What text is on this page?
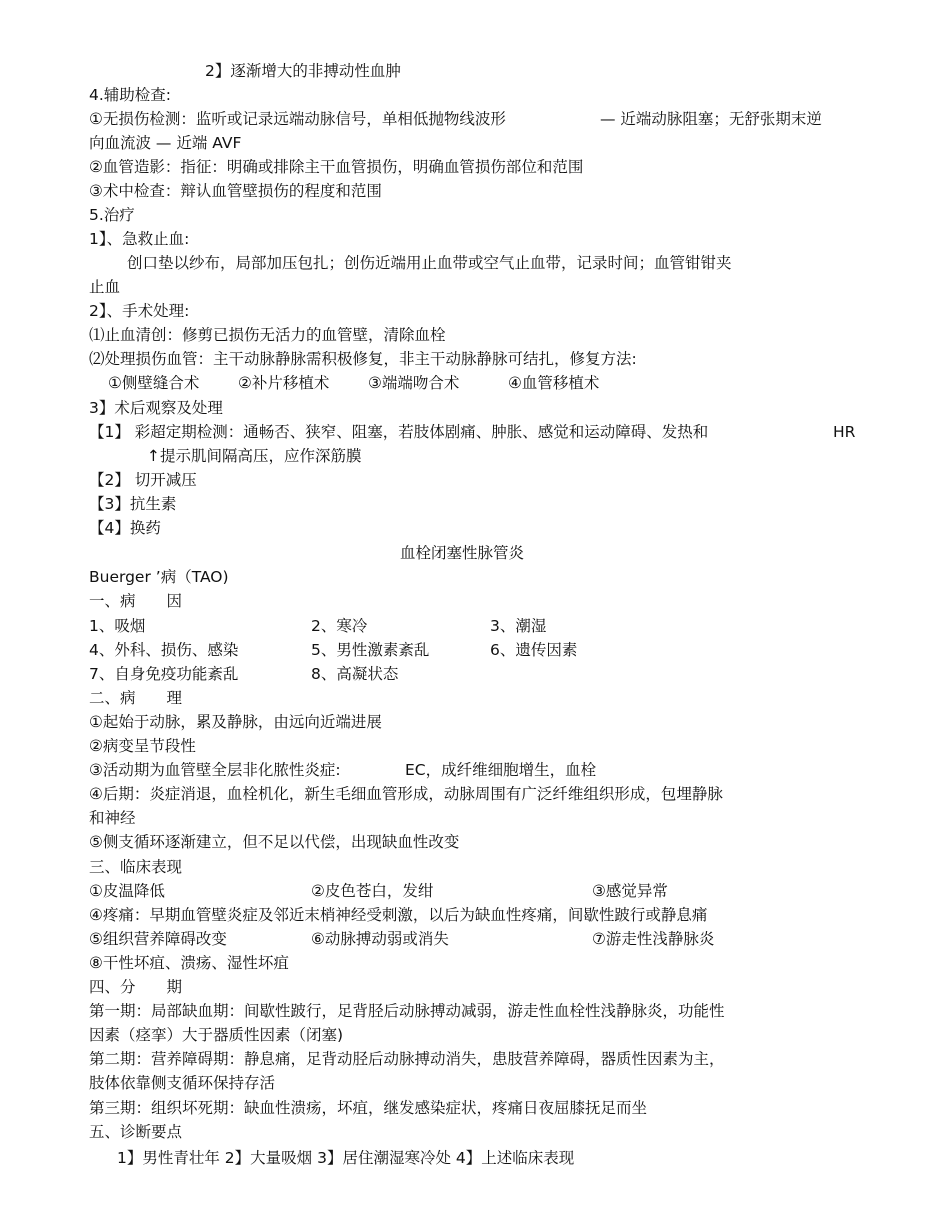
2】逐渐增大的非搏动性血肿
4.辅助检查:
①无损伤检测：监听或记录远端动脉信号，单相低抛物线波形	— 近端动脉阻塞；无舒张期末逆
向血流波 — 近端 AVF
②血管造影：指征：明确或排除主干血管损伤，明确血管损伤部位和范围
③术中检查：辩认血管壁损伤的程度和范围
5.治疗
1】、急救止血:
创口垫以纱布，局部加压包扎；创伤近端用止血带或空气止血带，记录时间；血管钳钳夹
止血
2】、手术处理:
⑴止血清创：修剪已损伤无活力的血管壁，清除血栓
⑵处理损伤血管：主干动脉静脉需积极修复，非主干动脉静脉可结扎，修复方法:
①侧壁缝合术 ②补片移植术 ③端端吻合术	④血管移植术
3】术后观察及处理
【1】 彩超定期检测：通畅否、狭窄、阻塞，若肢体剧痛、肿胀、感觉和运动障碍、发热和	HR
↑提示肌间隔高压，应作深筋膜
【2】 切开减压
【3】抗生素
【4】换药
血栓闭塞性脉管炎
Buerger ’病（TAO)
一、病　　因
1、吸烟	2、寒冷	3、潮湿
4、外科、损伤、感染	5、男性激素紊乱	6、遗传因素
7、自身免疫功能紊乱	8、高凝状态
二、病　　理
①起始于动脉，累及静脉，由远向近端进展
②病变呈节段性
③活动期为血管壁全层非化脓性炎症:	EC，成纤维细胞增生，血栓
④后期：炎症消退，血栓机化，新生毛细血管形成，动脉周围有广泛纤维组织形成，包埋静脉
和神经
⑤侧支循环逐渐建立，但不足以代偿，出现缺血性改变
三、临床表现
①皮温降低	②皮色苍白，发绀	③感觉异常
④疼痛：早期血管壁炎症及邻近末梢神经受刺激，以后为缺血性疼痛，间歇性跛行或静息痛
⑤组织营养障碍改变	⑥动脉搏动弱或消失	⑦游走性浅静脉炎
⑧干性坏疽、溃疡、湿性坏疽
四、分　　期
第一期：局部缺血期：间歇性跛行，足背胫后动脉搏动减弱，游走性血栓性浅静脉炎，功能性
因素（痉挛）大于器质性因素（闭塞)
第二期：营养障碍期：静息痛，足背动胫后动脉搏动消失，患肢营养障碍，器质性因素为主，
肢体依靠侧支循环保持存活
第三期：组织坏死期：缺血性溃疡，坏疽，继发感染症状，疼痛日夜屈膝抚足而坐
五、诊断要点
1】男性青壮年 2】大量吸烟 3】居住潮湿寒冷处 4】上述临床表现
